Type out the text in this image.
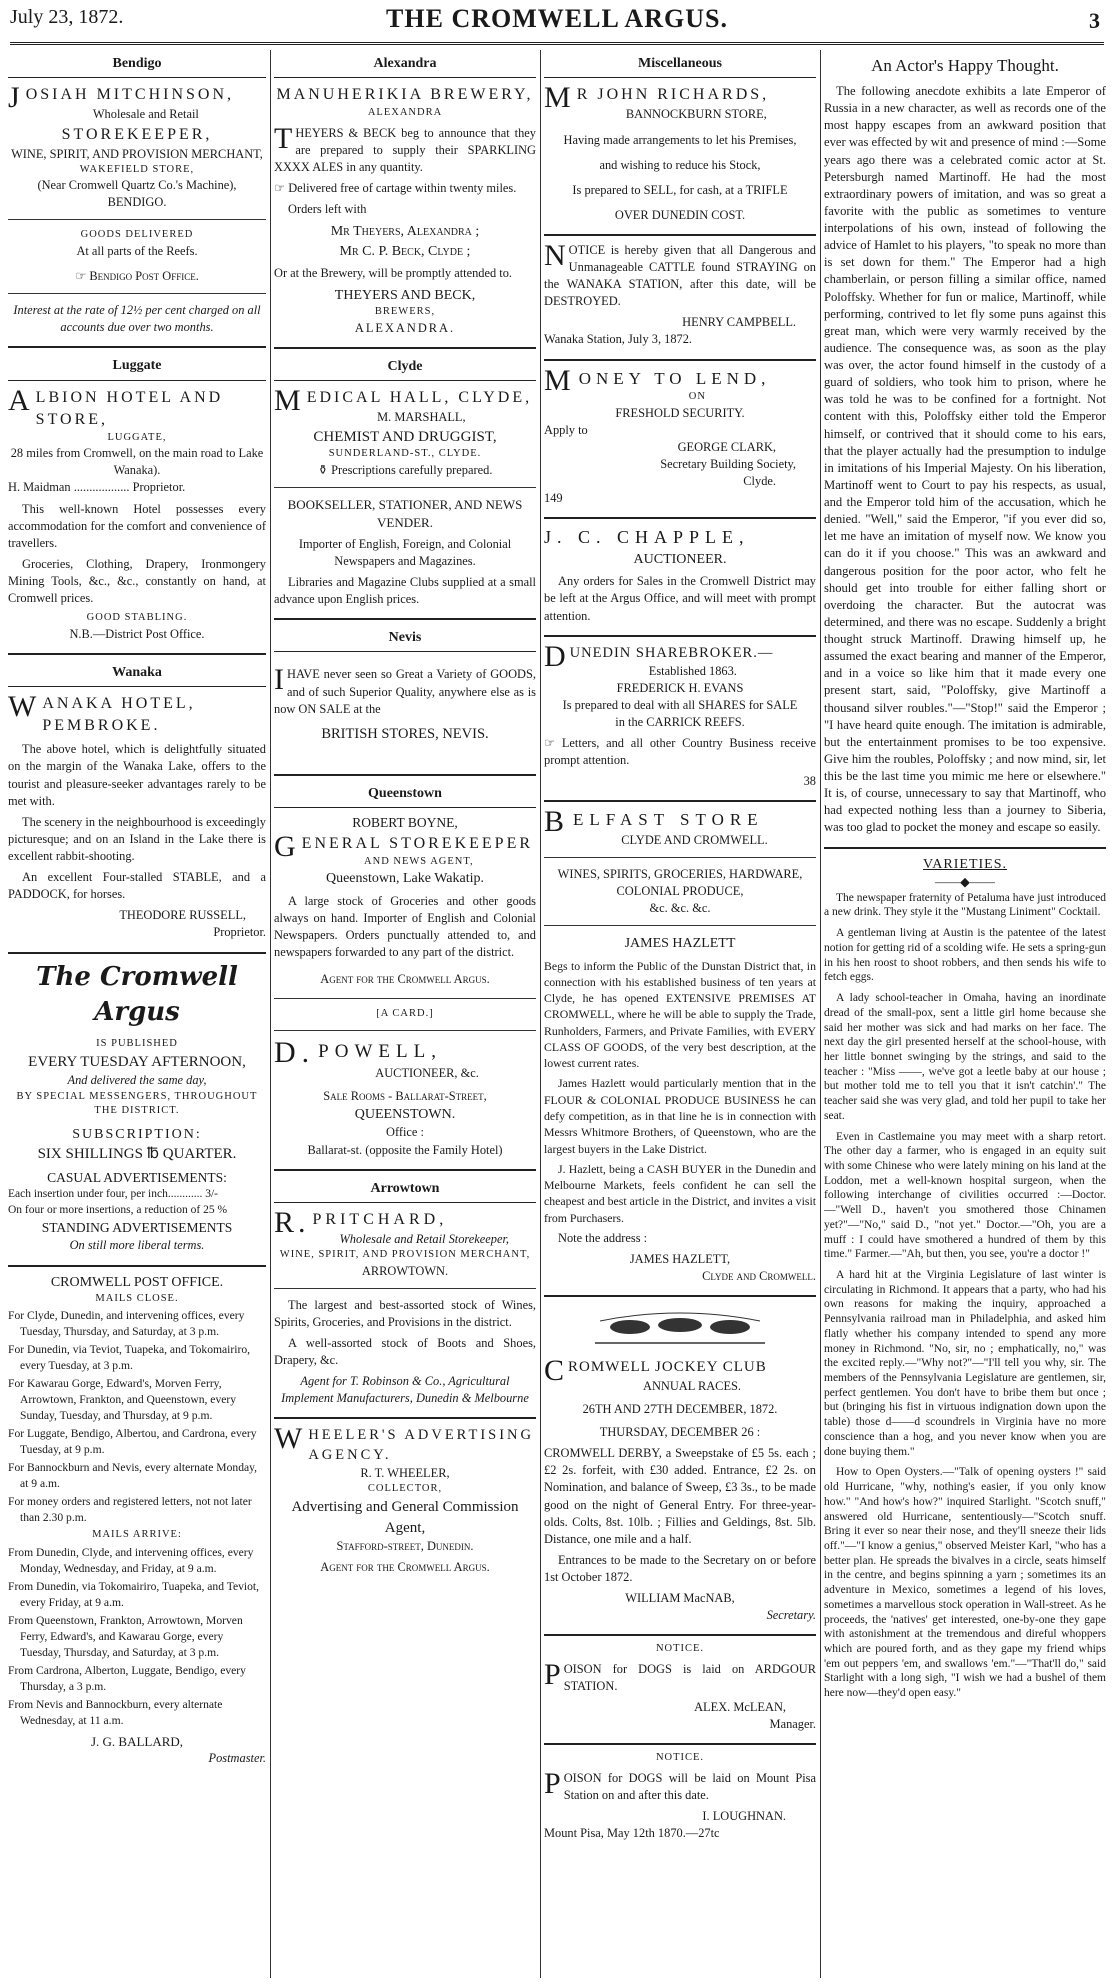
July 23, 1872.	THE CROMWELL ARGUS.	3
Bendigo
JOSIAH MITCHINSON,
Wholesale and Retail
STOREKEEPER,
WINE, SPIRIT, AND PROVISION MERCHANT,
WAKEFIELD STORE,
(Near Cromwell Quartz Co.'s Machine),
BENDIGO.
GOODS DELIVERED
At all parts of the Reefs.
☞ Bendigo Post Office.
Interest at the rate of 12½ per cent charged on all accounts due over two months.
Luggate
ALBION HOTEL AND STORE,
LUGGATE,
28 miles from Cromwell, on the main road to Lake Wanaka).
H. Maidman .................. Proprietor.

This well-known Hotel possesses every accommodation for the comfort and convenience of travellers.

Groceries, Clothing, Drapery, Ironmongery Mining Tools, &c., &c., constantly on hand, at Cromwell prices.

GOOD STABLING.
N.B.—District Post Office.
Wanaka
WANAKA HOTEL, PEMBROKE.

The above hotel, which is delightfully situated on the margin of the Wanaka Lake, offers to the tourist and pleasure-seeker advantages rarely to be met with.

The scenery in the neighbourhood is exceedingly picturesque; and on an Island in the Lake there is excellent rabbit-shooting.

An excellent Four-stalled STABLE, and a PADDOCK, for horses.

THEODORE RUSSELL,
Proprietor.
The Cromwell Argus
IS PUBLISHED
EVERY TUESDAY AFTERNOON,
And delivered the same day,
BY SPECIAL MESSENGERS, THROUGHOUT THE DISTRICT.
SUBSCRIPTION:
SIX SHILLINGS ℔ QUARTER.
CASUAL ADVERTISEMENTS:
Each insertion under four, per inch............ 3/-
On four or more insertions, a reduction of 25 %
STANDING ADVERTISEMENTS
On still more liberal terms.
CROMWELL POST OFFICE.
MAILS CLOSE.
For Clyde, Dunedin, and intervening offices, every Tuesday, Thursday, and Saturday, at 3 p.m.
For Dunedin, via Teviot, Tuapeka, and Tokomairiro, every Tuesday, at 3 p.m.
For Kawarau Gorge, Edward's, Morven Ferry, Arrowtown, Frankton, and Queenstown, every Sunday, Tuesday, and Thursday, at 9 p.m.
For Luggate, Bendigo, Albertou, and Cardrona, every Tuesday, at 9 p.m.
For Bannockburn and Nevis, every alternate Monday, at 9 a.m.
For money orders and registered letters, not not later than 2.30 p.m.
MAILS ARRIVE:
From Dunedin, Clyde, and intervening offices, every Monday, Wednesday, and Friday, at 9 a.m.
From Dunedin, via Tokomairiro, Tuapeka, and Teviot, every Friday, at 9 a.m.
From Queenstown, Frankton, Arrowtown, Morven Ferry, Edward's, and Kawarau Gorge, every Tuesday, Thursday, and Saturday, at 3 p.m.
From Cardrona, Alberton, Luggate, Bendigo, every Thursday, a 3 p.m.
From Nevis and Bannockburn, every alternate Wednesday, at 11 a.m.
J. G. BALLARD,
Postmaster.
Alexandra
MANUHERIKIA BREWERY,
ALEXANDRA

THEYERS & BECK beg to announce that they are prepared to supply their SPARKLING XXXX ALES in any quantity.

☞ Delivered free of cartage within twenty miles.

Orders left with

Mr Theyers, Alexandra ;
Mr C. P. Beck, Clyde ;

Or at the Brewery, will be promptly attended to.

THEYERS AND BECK,
BREWERS,
ALEXANDRA.
Clyde
MEDICAL HALL, CLYDE,
M. MARSHALL,
CHEMIST AND DRUGGIST,
SUNDERLAND-ST., CLYDE.
⚱ Prescriptions carefully prepared.
BOOKSELLER, STATIONER, AND NEWS VENDER.

Importer of English, Foreign, and Colonial Newspapers and Magazines.

Libraries and Magazine Clubs supplied at a small advance upon English prices.

Nevis

IHAVE never seen so Great a Variety of GOODS, and of such Superior Quality, anywhere else as is now ON SALE at the

BRITISH STORES, NEVIS.
Queenstown
ROBERT BOYNE,
GENERAL STOREKEEPER
AND NEWS AGENT,
Queenstown, Lake Wakatip.

A large stock of Groceries and other goods always on hand. Importer of English and Colonial Newspapers. Orders punctually attended to, and newspapers forwarded to any part of the district.

Agent for the Cromwell Argus.
[A CARD.]
D.POWELL,
AUCTIONEER, &c.
Sale Rooms - Ballarat-Street,
QUEENSTOWN.
Office :
Ballarat-st. (opposite the Family Hotel)
Arrowtown
R.PRITCHARD,
Wholesale and Retail Storekeeper,
WINE, SPIRIT, AND PROVISION MERCHANT,
ARROWTOWN.

The largest and best-assorted stock of Wines, Spirits, Groceries, and Provisions in the district.

A well-assorted stock of Boots and Shoes, Drapery, &c.

Agent for T. Robinson & Co., Agricultural Implement Manufacturers, Dunedin & Melbourne

WHEELER'S ADVERTISING AGENCY.
R. T. WHEELER,
COLLECTOR,
Advertising and General Commission Agent,
Stafford-street, Dunedin.
Agent for the Cromwell Argus.
Miscellaneous
MR JOHN RICHARDS,
BANNOCKBURN STORE,
Having made arrangements to let his Premises,
and wishing to reduce his Stock,
Is prepared to SELL, for cash, at a TRIFLE
OVER DUNEDIN COST.

NOTICE is hereby given that all Dangerous and Unmanageable CATTLE found STRAYING on the WANAKA STATION, after this date, will be DESTROYED.

HENRY CAMPBELL.
Wanaka Station, July 3, 1872.
MONEY TO LEND,
ON
FRESHOLD SECURITY.
Apply to
GEORGE CLARK,
Secretary Building Society,
Clyde.
149
J. C. CHAPPLE,
AUCTIONEER.

Any orders for Sales in the Cromwell District may be left at the Argus Office, and will meet with prompt attention.

DUNEDIN SHAREBROKER.—
Established 1863.
FREDERICK H. EVANS
Is prepared to deal with all SHARES for SALE
in the CARRICK REEFS.

☞ Letters, and all other Country Business receive prompt attention.

38
BELFAST STORE
CLYDE AND CROMWELL.
WINES, SPIRITS, GROCERIES, HARDWARE, COLONIAL PRODUCE,
&c. &c. &c.
JAMES HAZLETT

Begs to inform the Public of the Dunstan District that, in connection with his established business of ten years at Clyde, he has opened EXTENSIVE PREMISES AT CROMWELL, where he will be able to supply the Trade, Runholders, Farmers, and Private Families, with EVERY CLASS OF GOODS, of the very best description, at the lowest current rates.

James Hazlett would particularly mention that in the FLOUR & COLONIAL PRODUCE BUSINESS he can defy competition, as in that line he is in connection with Messrs Whitmore Brothers, of Queenstown, who are the largest buyers in the Lake District.

J. Hazlett, being a CASH BUYER in the Dunedin and Melbourne Markets, feels confident he can sell the cheapest and best article in the District, and invites a visit from Purchasers.

Note the address :

JAMES HAZLETT,
Clyde and Cromwell.
CROMWELL JOCKEY CLUB
ANNUAL RACES.
26TH AND 27TH DECEMBER, 1872.
THURSDAY, DECEMBER 26 :

CROMWELL DERBY, a Sweepstake of £5 5s. each ; £2 2s. forfeit, with £30 added. Entrance, £2 2s. on Nomination, and balance of Sweep, £3 3s., to be made good on the night of General Entry. For three-year-olds. Colts, 8st. 10lb. ; Fillies and Geldings, 8st. 5lb. Distance, one mile and a half.

Entrances to be made to the Secretary on or before 1st October 1872.

WILLIAM MacNAB,
Secretary.
NOTICE.

POISON for DOGS is laid on ARDGOUR STATION.

ALEX. McLEAN,
Manager.
NOTICE.

POISON for DOGS will be laid on Mount Pisa Station on and after this date.

I. LOUGHNAN.
Mount Pisa, May 12th 1870.—27tc
An Actor's Happy Thought.

The following anecdote exhibits a late Emperor of Russia in a new character, as well as records one of the most happy escapes from an awkward position that ever was effected by wit and presence of mind :—Some years ago there was a celebrated comic actor at St. Petersburgh named Martinoff. He had the most extraordinary powers of imitation, and was so great a favorite with the public as sometimes to venture interpolations of his own, instead of following the advice of Hamlet to his players, "to speak no more than is set down for them." The Emperor had a high chamberlain, or person filling a similar office, named Poloffsky. Whether for fun or malice, Martinoff, while performing, contrived to let fly some puns against this great man, which were very warmly received by the audience. The consequence was, as soon as the play was over, the actor found himself in the custody of a guard of soldiers, who took him to prison, where he was told he was to be confined for a fortnight. Not content with this, Poloffsky either told the Emperor himself, or contrived that it should come to his ears, that the player actually had the presumption to indulge in imitations of his Imperial Majesty. On his liberation, Martinoff went to Court to pay his respects, as usual, and the Emperor told him of the accusation, which he denied. "Well," said the Emperor, "if you ever did so, let me have an imitation of myself now. We know you can do it if you choose." This was an awkward and dangerous position for the poor actor, who felt he should get into trouble for either falling short or overdoing the character. But the autocrat was determined, and there was no escape. Suddenly a bright thought struck Martinoff. Drawing himself up, he assumed the exact bearing and manner of the Emperor, and in a voice so like him that it made every one present start, said, "Poloffsky, give Martinoff a thousand silver roubles."—"Stop!" said the Emperor ; "I have heard quite enough. The imitation is admirable, but the entertainment promises to be too expensive. Give him the roubles, Poloffsky ; and now mind, sir, let this be the last time you mimic me here or elsewhere." It is, of course, unnecessary to say that Martinoff, who had expected nothing less than a journey to Siberia, was too glad to pocket the money and escape so easily.

VARIETIES.
——◆——

The newspaper fraternity of Petaluma have just introduced a new drink. They style it the "Mustang Liniment" Cocktail.

A gentleman living at Austin is the patentee of the latest notion for getting rid of a scolding wife. He sets a spring-gun in his hen roost to shoot robbers, and then sends his wife to fetch eggs.

A lady school-teacher in Omaha, having an inordinate dread of the small-pox, sent a little girl home because she said her mother was sick and had marks on her face. The next day the girl presented herself at the school-house, with her little bonnet swinging by the strings, and said to the teacher : "Miss ——, we've got a leetle baby at our house ; but mother told me to tell you that it isn't catchin'." The teacher said she was very glad, and told her pupil to take her seat.

Even in Castlemaine you may meet with a sharp retort. The other day a farmer, who is engaged in an equity suit with some Chinese who were lately mining on his land at the Loddon, met a well-known hospital surgeon, when the following interchange of civilities occurred :—Doctor.—"Well D., haven't you smothered those Chinamen yet?"—"No," said D., "not yet." Doctor.—"Oh, you are a muff : I could have smothered a hundred of them by this time." Farmer.—"Ah, but then, you see, you're a doctor !"

A hard hit at the Virginia Legislature of last winter is circulating in Richmond. It appears that a party, who had his own reasons for making the inquiry, approached a Pennsylvania railroad man in Philadelphia, and asked him flatly whether his company intended to spend any more money in Richmond. "No, sir, no ; emphatically, no," was the excited reply.—"Why not?"—"I'll tell you why, sir. The members of the Pennsylvania Legislature are gentlemen, sir, perfect gentlemen. You don't have to bribe them but once ; but (bringing his fist in virtuous indignation down upon the table) those d——d scoundrels in Virginia have no more conscience than a hog, and you never know when you are done buying them."

How to Open Oysters.—"Talk of opening oysters !" said old Hurricane, "why, nothing's easier, if you only know how." "And how's how?" inquired Starlight. "Scotch snuff," answered old Hurricane, sententiously—"Scotch snuff. Bring it ever so near their nose, and they'll sneeze their lids off."—"I know a genius," observed Meister Karl, "who has a better plan. He spreads the bivalves in a circle, seats himself in the centre, and begins spinning a yarn ; sometimes its an adventure in Mexico, sometimes a legend of his loves, sometimes a marvellous stock operation in Wall-street. As he proceeds, the 'natives' get interested, one-by-one they gape with astonishment at the tremendous and direful whoppers which are poured forth, and as they gape my friend whips 'em out peppers 'em, and swallows 'em."—"That'll do," said Starlight with a long sigh, "I wish we had a bushel of them here now—they'd open easy."
